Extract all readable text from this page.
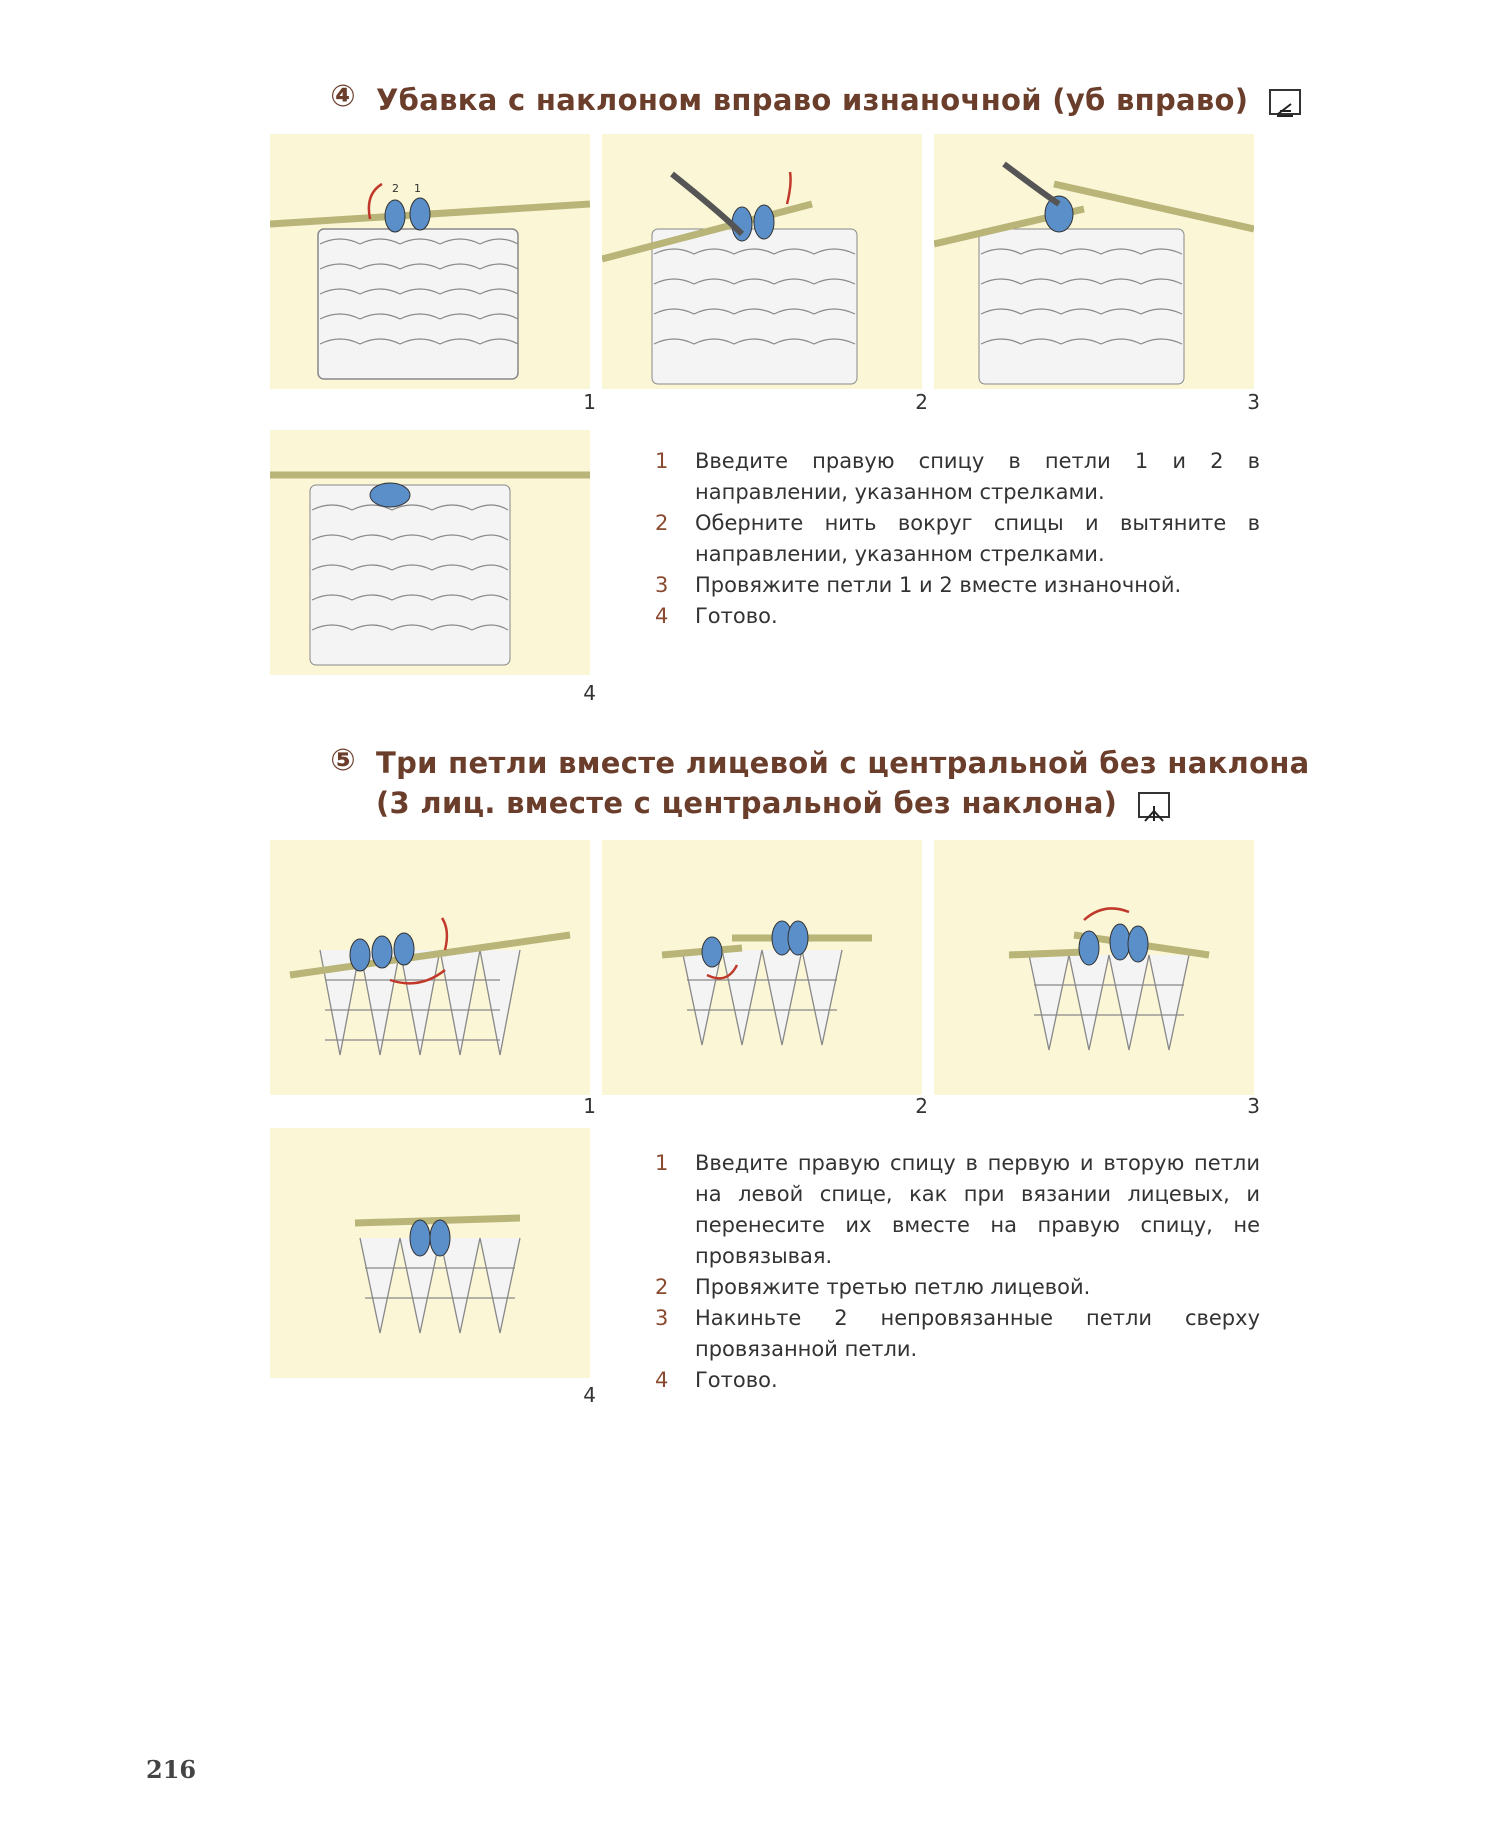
④ Убавка с наклоном вправо изнаночной (уб вправо)
2 1
1	2	3
4
1	Введите правую спицу в петли 1 и 2 в направлении, указанном стрелками.
2	Оберните нить вокруг спицы и вытяните в направлении, указанном стрелками.
3	Провяжите петли 1 и 2 вместе изнаночной.
4	Готово.
⑤ Три петли вместе лицевой с центральной без наклона
(3 лиц. вместе с центральной без наклона)
1	2	3
4
1	Введите правую спицу в первую и вторую петли на левой спице, как при вязании лицевых, и перенесите их вместе на правую спицу, не провязывая.
2	Провяжите третью петлю лицевой.
3	Накиньте 2 непровязанные петли сверху провязанной петли.
4	Готово.
216
